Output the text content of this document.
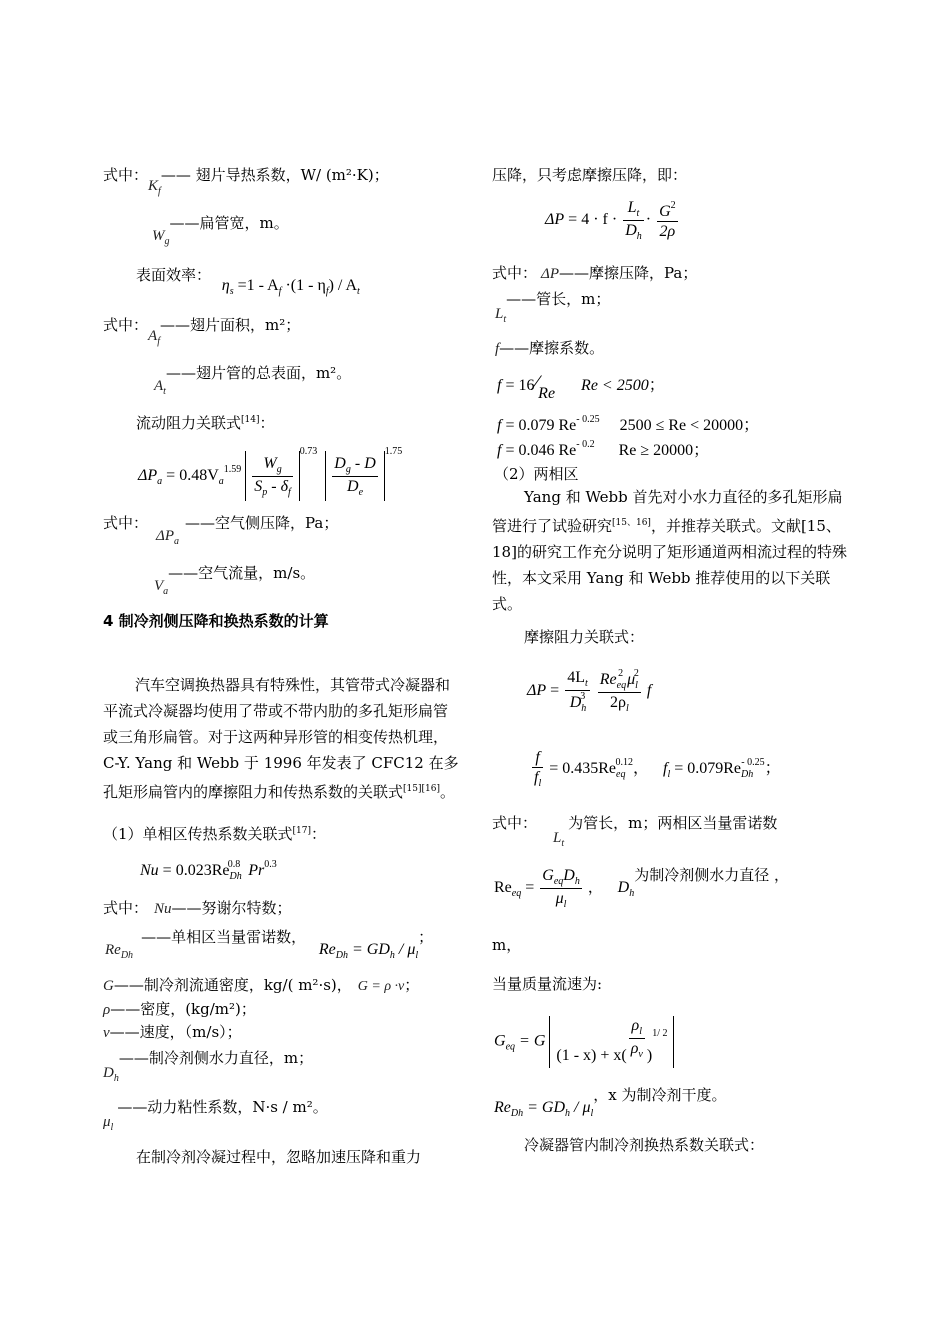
式中：$K_f——$ 翅片导热系数，W/ (m²·K)；
$W_g——$扁管宽，m。
表面效率： $\eta_s =1 - A_f \cdot(1 - \eta_f) / A_t$
式中：$A_f——$翅片面积，m²；
$A_t——$翅片管的总表面，m²。
流动阻力关联式[14]：
$\Delta P_a = 0.48V_a^{1.59} \frac{W_g}{S_p - \delta_f}$
$^{0.73}$
$\frac{D_g - D}{D_e}$
$^{1.75}$
式中：$\Delta P_a——$空气侧压降，Pa；
$V_a——$空气流量，m/s。
4 制冷剂侧压降和换热系数的计算
汽车空调换热器具有特殊性，其管带式冷凝器和平流式冷凝器均使用了带或不带内肋的多孔矩形扁管或三角形扁管。对于这两种异形管的相变传热机理，C-Y. Yang 和 Webb 于 1996 年发表了 CFC12 在多孔矩形扁管内的摩擦阻力和传热系数的关联式[15][16]。
（1）单相区传热系数关联式[17]：
$Nu = 0.023Re_{Dh}^{0.8}$ $Pr^{0.3}$
式中： Nu——努谢尔特数；
$Re_{Dh}——$单相区当量雷诺数， $Re_{Dh} = GD_h / \mu_l$；
G——制冷剂流通密度，kg/( m²·s)， G = ρ ·v；
ρ——密度，(kg/m²)；
v——速度，（m/s）；
$D_h——$制冷剂侧水力直径，m；
$\mu_l——$动力粘性系数，N·s / m²。
在制冷剂冷凝过程中，忽略加速压降和重力
压降，只考虑摩擦压降，即：
$\Delta P = 4 \cdot f \cdot \frac{L_t}{D_h} \cdot \frac{G^2}{2\rho}$
式中： ΔP——摩擦压降，Pa；
$L_t——$管长，m；
f——摩擦系数。
f = 16⁄Re Re < 2500；
f = 0.079 $Re^{- 0.25}$ 2500 ≤ Re < 20000；
f = 0.046 $Re^{- 0.2}$ Re ≥ 20000；
（2）两相区
Yang 和 Webb 首先对小水力直径的多孔矩形扁管进行了试验研究[15、16]，并推荐关联式。文献[15、18]的研究工作充分说明了矩形通道两相流过程的特殊性，本文采用 Yang 和 Webb 推荐使用的以下关联式。
摩擦阻力关联式：
$\Delta P = \frac{4L_t}{D_h^3}$
$\frac{Re_{eq}^2 \mu_l^2}{2\rho_l}$ f
$\frac{f}{f_l} = 0.435Re_{eq}^{0.12}$， $f_l = 0.079Re_{Dh}^{- 0.25}$；
式中：$L_t$为管长，m；两相区当量雷诺数
$Re_{eq} = \frac{G_{eq}D_h}{\mu_l}$ ， $D_h$为制冷剂侧水力直径 ，
m，
当量质量流速为:
$G_{eq} = G$ $(1 - x) + x( \frac{\rho_l}{\rho_v} )^{1/ 2}$
$Re_{Dh} = GD_h / \mu_l$，x 为制冷剂干度。
冷凝器管内制冷剂换热系数关联式：
